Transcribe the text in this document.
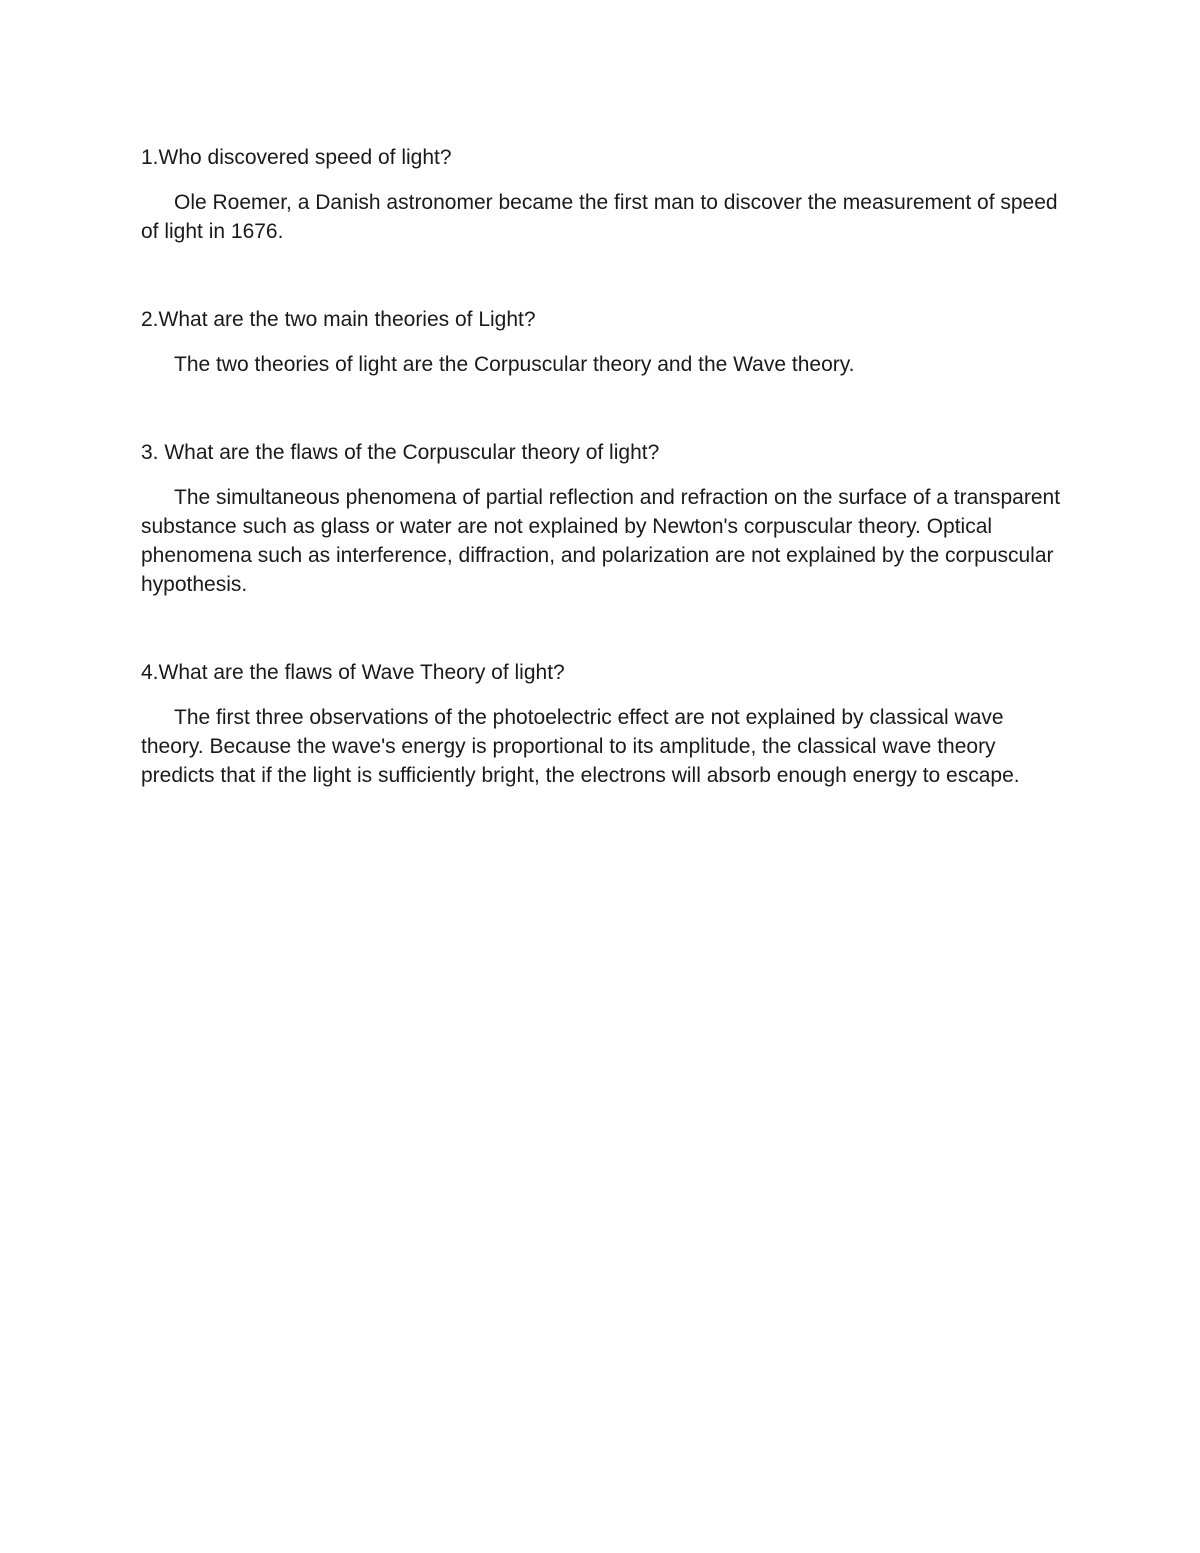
1.Who discovered speed of light?

Ole Roemer, a Danish astronomer became the first man to discover the measurement of speed of light in 1676.

2.What are the two main theories of Light?

The two theories of light are the Corpuscular theory and the Wave theory.

3. What are the flaws of the Corpuscular theory of light?

The simultaneous phenomena of partial reflection and refraction on the surface of a transparent substance such as glass or water are not explained by Newton's corpuscular theory. Optical phenomena such as interference, diffraction, and polarization are not explained by the corpuscular hypothesis.

4.What are the flaws of Wave Theory of light?

The first three observations of the photoelectric effect are not explained by classical wave theory. Because the wave's energy is proportional to its amplitude, the classical wave theory predicts that if the light is sufficiently bright, the electrons will absorb enough energy to escape.
